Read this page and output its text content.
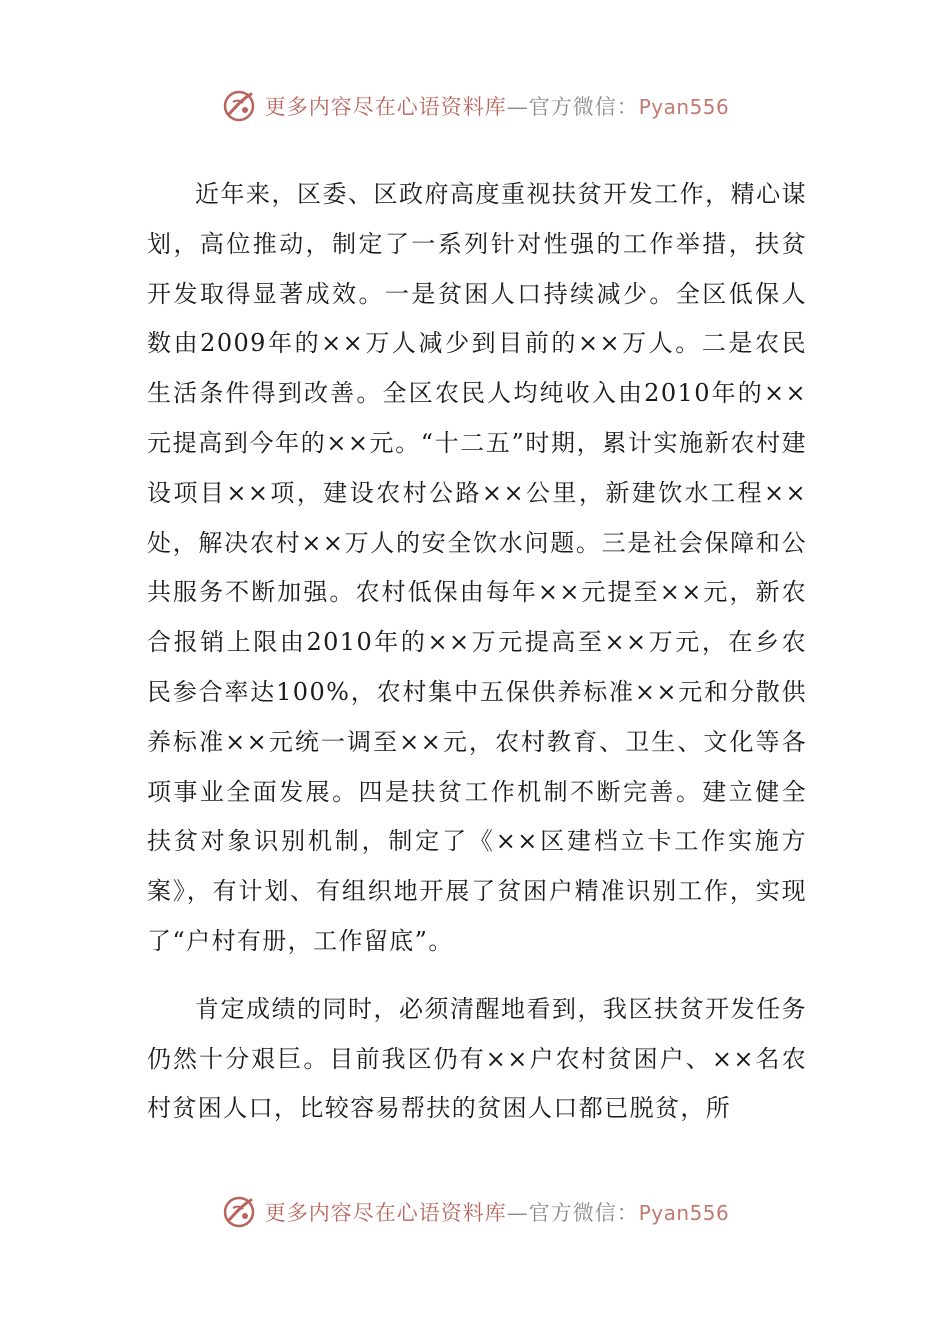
更多内容尽在心语资料库—官方微信：Pyan556

近年来，区委、区政府高度重视扶贫开发工作，精心谋划，高位推动，制定了一系列针对性强的工作举措，扶贫开发取得显著成效。一是贫困人口持续减少。全区低保人数由2009年的××万人减少到目前的××万人。二是农民生活条件得到改善。全区农民人均纯收入由2010年的××元提高到今年的××元。“十二五”时期，累计实施新农村建设项目××项，建设农村公路××公里，新建饮水工程××处，解决农村××万人的安全饮水问题。三是社会保障和公共服务不断加强。农村低保由每年××元提至××元，新农合报销上限由2010年的××万元提高至××万元，在乡农民参合率达100%，农村集中五保供养标准××元和分散供养标准××元统一调至××元，农村教育、卫生、文化等各项事业全面发展。四是扶贫工作机制不断完善。建立健全扶贫对象识别机制，制定了《××区建档立卡工作实施方案》，有计划、有组织地开展了贫困户精准识别工作，实现了“户村有册，工作留底”。

肯定成绩的同时，必须清醒地看到，我区扶贫开发任务仍然十分艰巨。目前我区仍有××户农村贫困户、××名农村贫困人口，比较容易帮扶的贫困人口都已脱贫，所

更多内容尽在心语资料库—官方微信：Pyan556
